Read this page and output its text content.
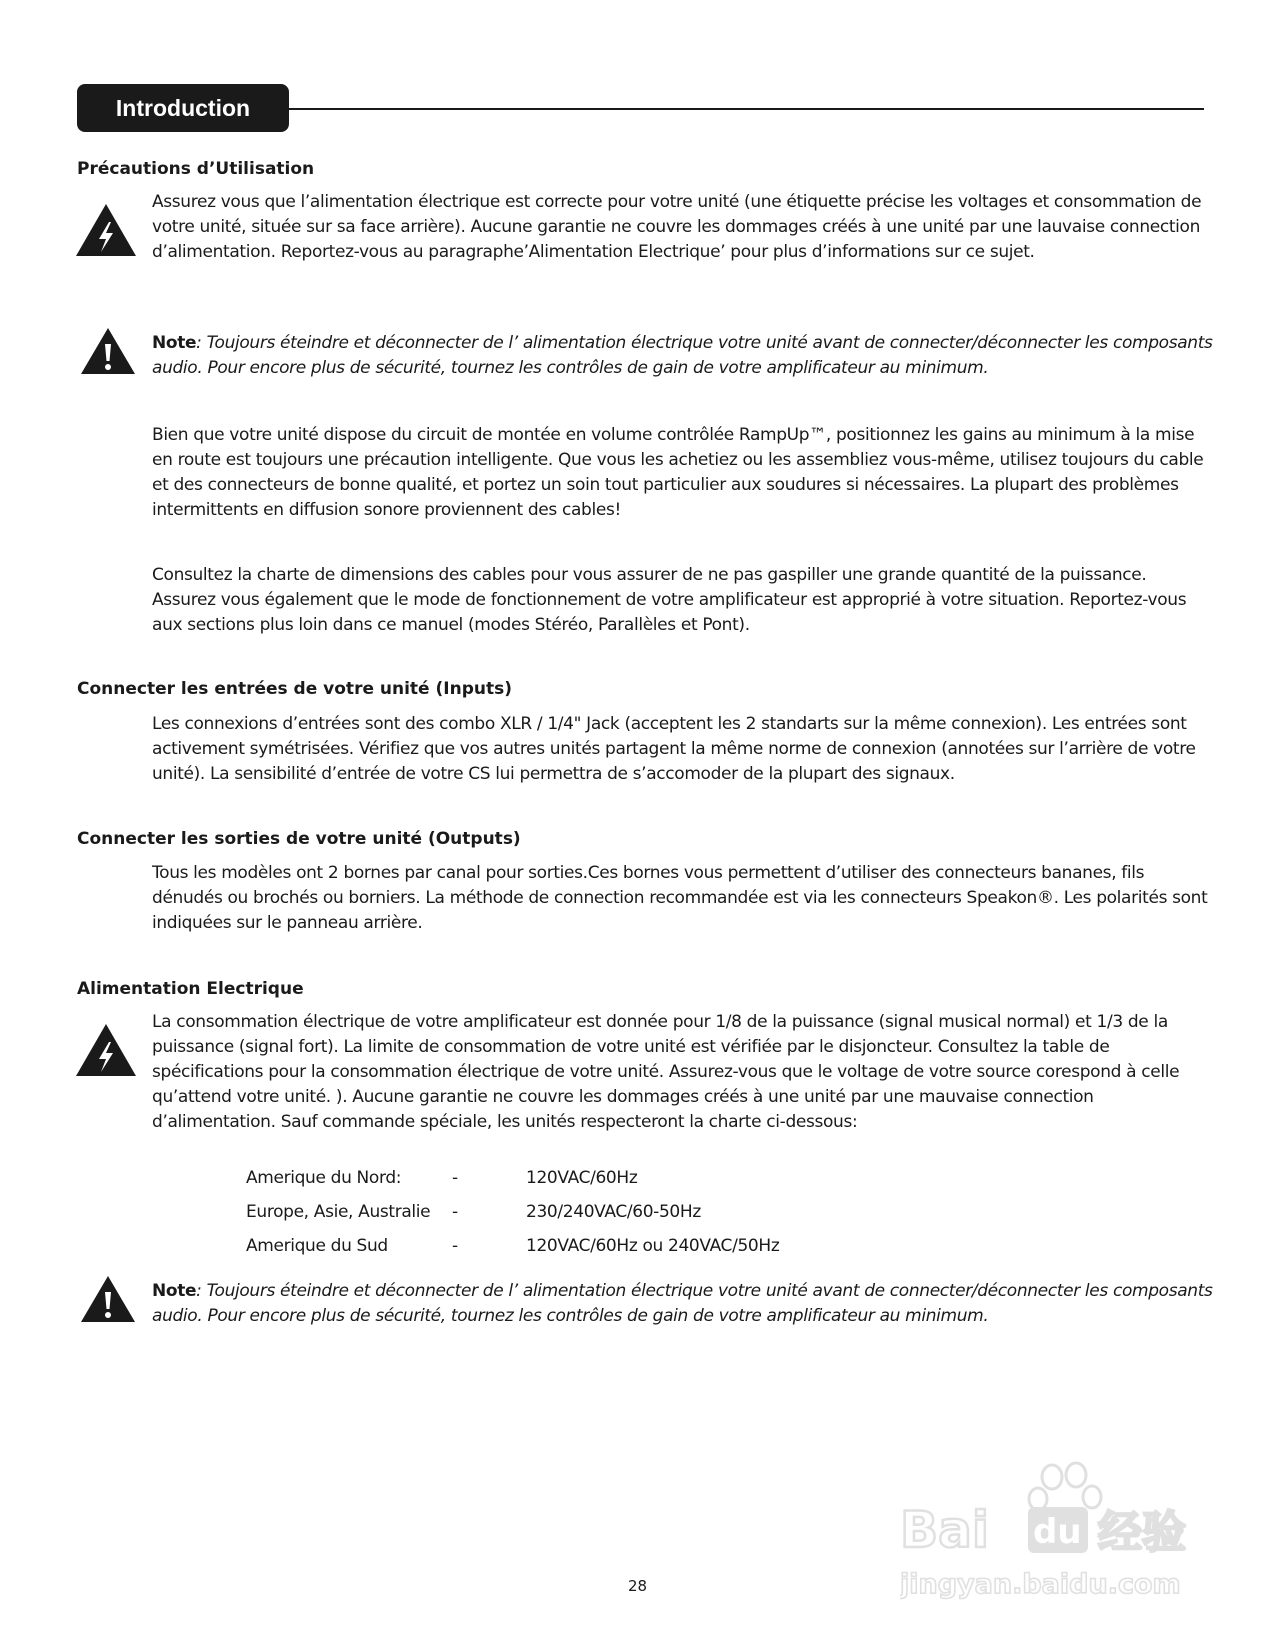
Introduction
Précautions d’Utilisation

Assurez vous que l’alimentation électrique est correcte pour votre unité (une étiquette précise les voltages et consommation de votre unité, située sur sa face arrière). Aucune garantie ne couvre les dommages créés à une unité par une lauvaise connection d’alimentation. Reportez-vous au paragraphe’Alimentation Electrique’ pour plus d’informations sur ce sujet.

Note: Toujours éteindre et déconnecter de l’ alimentation électrique votre unité avant de connecter/déconnecter les composants audio. Pour encore plus de sécurité, tournez les contrôles de gain de votre amplificateur au minimum.

Bien que votre unité dispose du circuit de montée en volume contrôlée RampUp™, positionnez les gains au minimum à la mise en route est toujours une précaution intelligente. Que vous les achetiez ou les assembliez vous-même, utilisez toujours du cable et des connecteurs de bonne qualité, et portez un soin tout particulier aux soudures si nécessaires. La plupart des problèmes intermittents en diffusion sonore proviennent des cables!

Consultez la charte de dimensions des cables pour vous assurer de ne pas gaspiller une grande quantité de la puissance. Assurez vous également que le mode de fonctionnement de votre amplificateur est approprié à votre situation. Reportez-vous aux sections plus loin dans ce manuel (modes Stéréo, Parallèles et Pont).

Connecter les entrées de votre unité (Inputs)

Les connexions d’entrées sont des combo XLR / 1/4" Jack (acceptent les 2 standarts sur la même connexion). Les entrées sont activement symétrisées. Vérifiez que vos autres unités partagent la même norme de connexion (annotées sur l’arrière de votre unité). La sensibilité d’entrée de votre CS lui permettra de s’accomoder de la plupart des signaux.

Connecter les sorties de votre unité (Outputs)

Tous les modèles ont 2 bornes par canal pour sorties.Ces bornes vous permettent d’utiliser des connecteurs bananes, fils dénudés ou brochés ou borniers. La méthode de connection recommandée est via les connecteurs Speakon®. Les polarités sont indiquées sur le panneau arrière.

Alimentation Electrique

La consommation électrique de votre amplificateur est donnée pour 1/8 de la puissance (signal musical normal) et 1/3 de la puissance (signal fort). La limite de consommation de votre unité est vérifiée par le disjoncteur. Consultez la table de spécifications pour la consommation électrique de votre unité. Assurez-vous que le voltage de votre source corespond à celle qu’attend votre unité. ). Aucune garantie ne couvre les dommages créés à une unité par une mauvaise connection d’alimentation. Sauf commande spéciale, les unités respecteront la charte ci-dessous:

Amerique du Nord:	-	120VAC/60Hz
Europe, Asie, Australie	-	230/240VAC/60-50Hz
Amerique du Sud	-	120VAC/60Hz ou 240VAC/50Hz

Note: Toujours éteindre et déconnecter de l’ alimentation électrique votre unité avant de connecter/déconnecter les composants audio. Pour encore plus de sécurité, tournez les contrôles de gain de votre amplificateur au minimum.

28
Bai du 经验
jingyan.baidu.com
